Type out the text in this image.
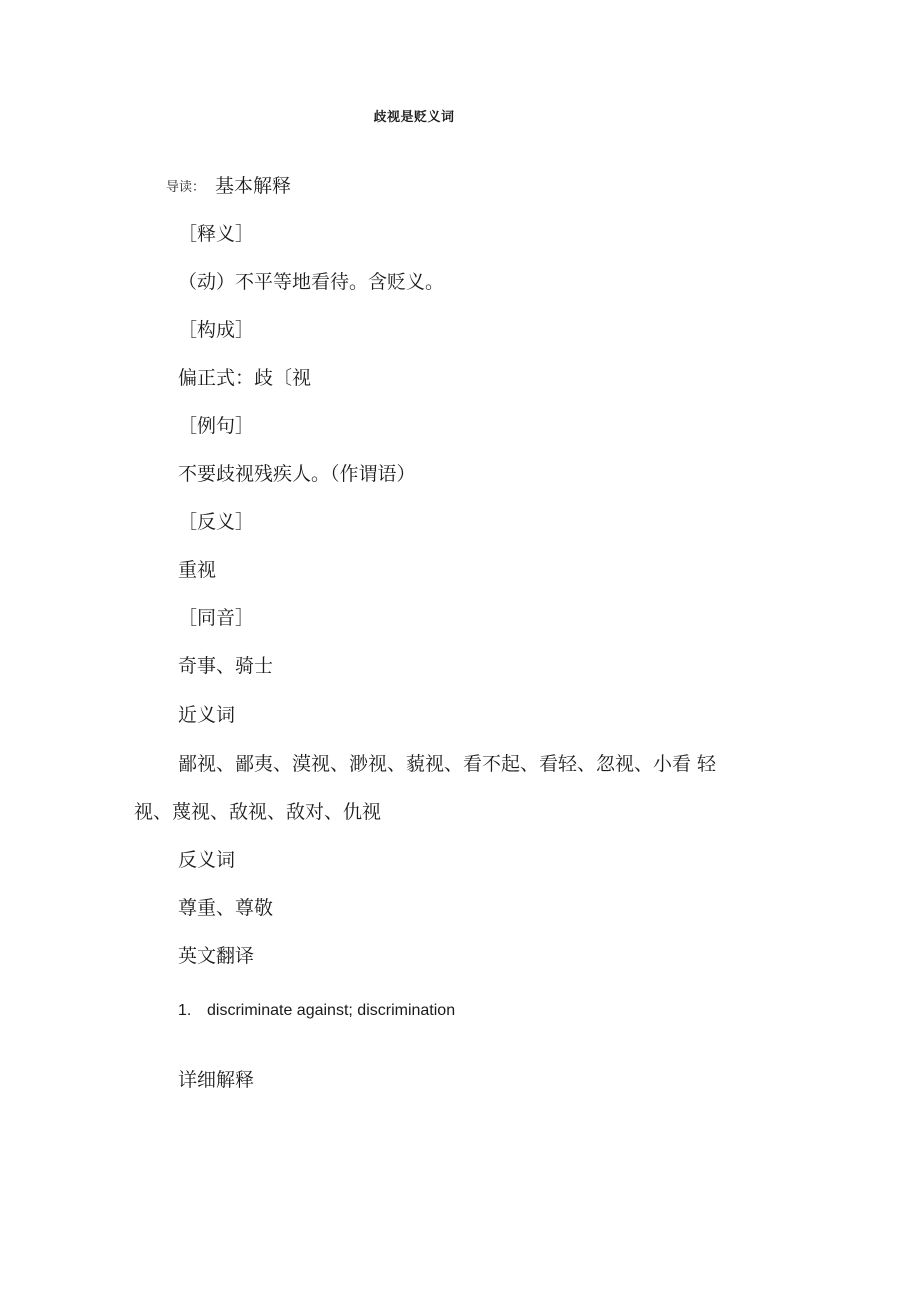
歧视是贬义词
导读： 基本解释
［释义］
（动）不平等地看待。含贬义。
［构成］
偏正式：歧〔视
［例句］
不要歧视残疾人。（作谓语）
［反义］
重视
［同音］
奇事、骑士
近义词
鄙视、鄙夷、漠视、渺视、藐视、看不起、看轻、忽视、小看 轻
视、蔑视、敌视、敌对、仇视
反义词
尊重、尊敬
英文翻译
1. discriminate against; discrimination
详细解释
